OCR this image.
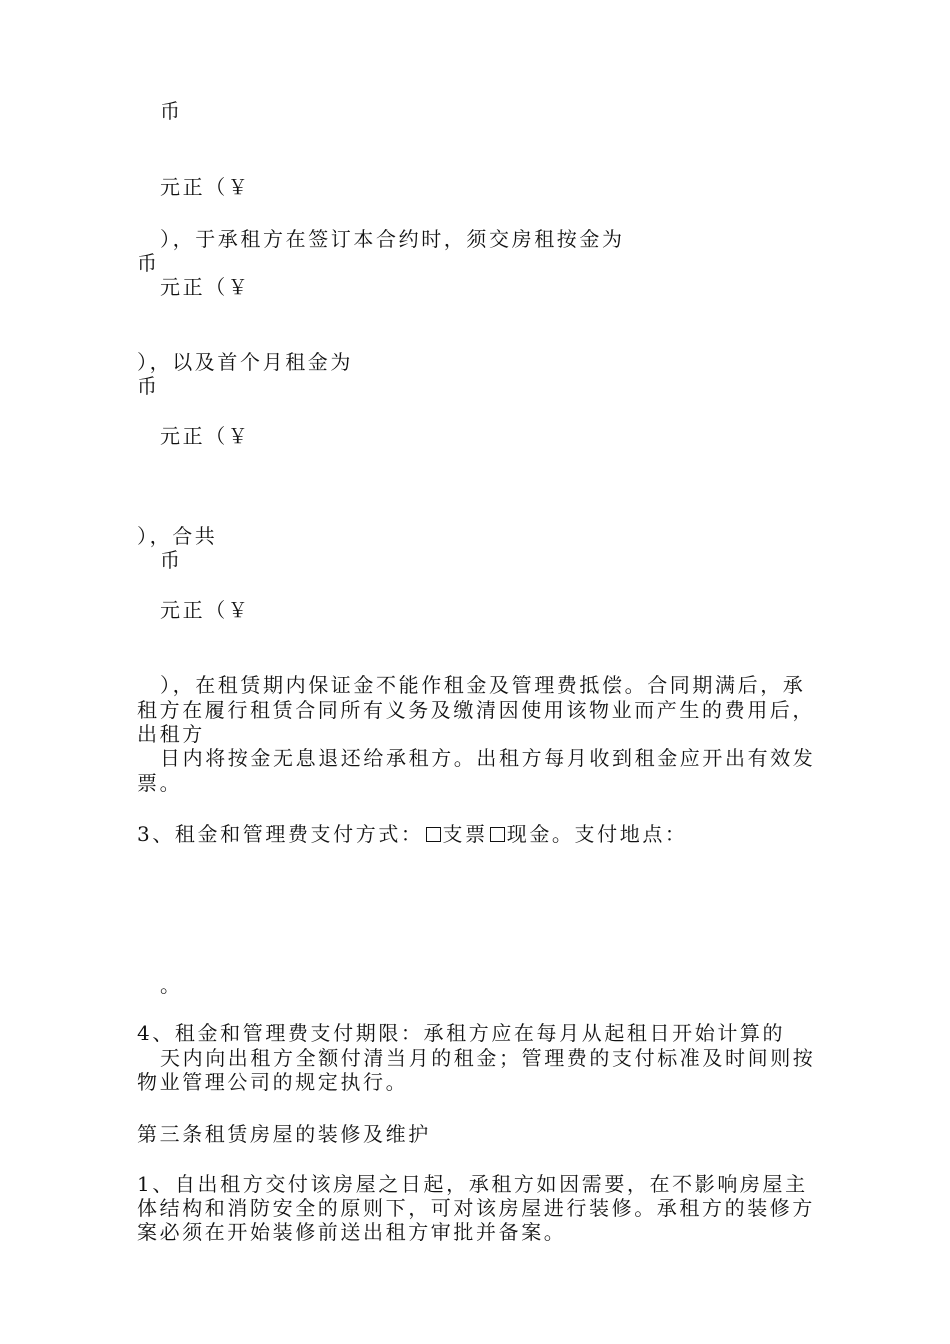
币
元正（￥
），于承租方在签订本合约时，须交房租按金为
币
元正（￥
），以及首个月租金为
币
元正（￥
），合共
币
元正（￥
），在租赁期内保证金不能作租金及管理费抵偿。合同期满后，承
租方在履行租赁合同所有义务及缴清因使用该物业而产生的费用后，
出租方
日内将按金无息退还给承租方。出租方每月收到租金应开出有效发
票。
3、租金和管理费支付方式： 支票 现金。支付地点：
。
4、租金和管理费支付期限：承租方应在每月从起租日开始计算的
天内向出租方全额付清当月的租金；管理费的支付标准及时间则按
物业管理公司的规定执行。
第三条租赁房屋的装修及维护
1、自出租方交付该房屋之日起，承租方如因需要，在不影响房屋主
体结构和消防安全的原则下，可对该房屋进行装修。承租方的装修方
案必须在开始装修前送出租方审批并备案。
